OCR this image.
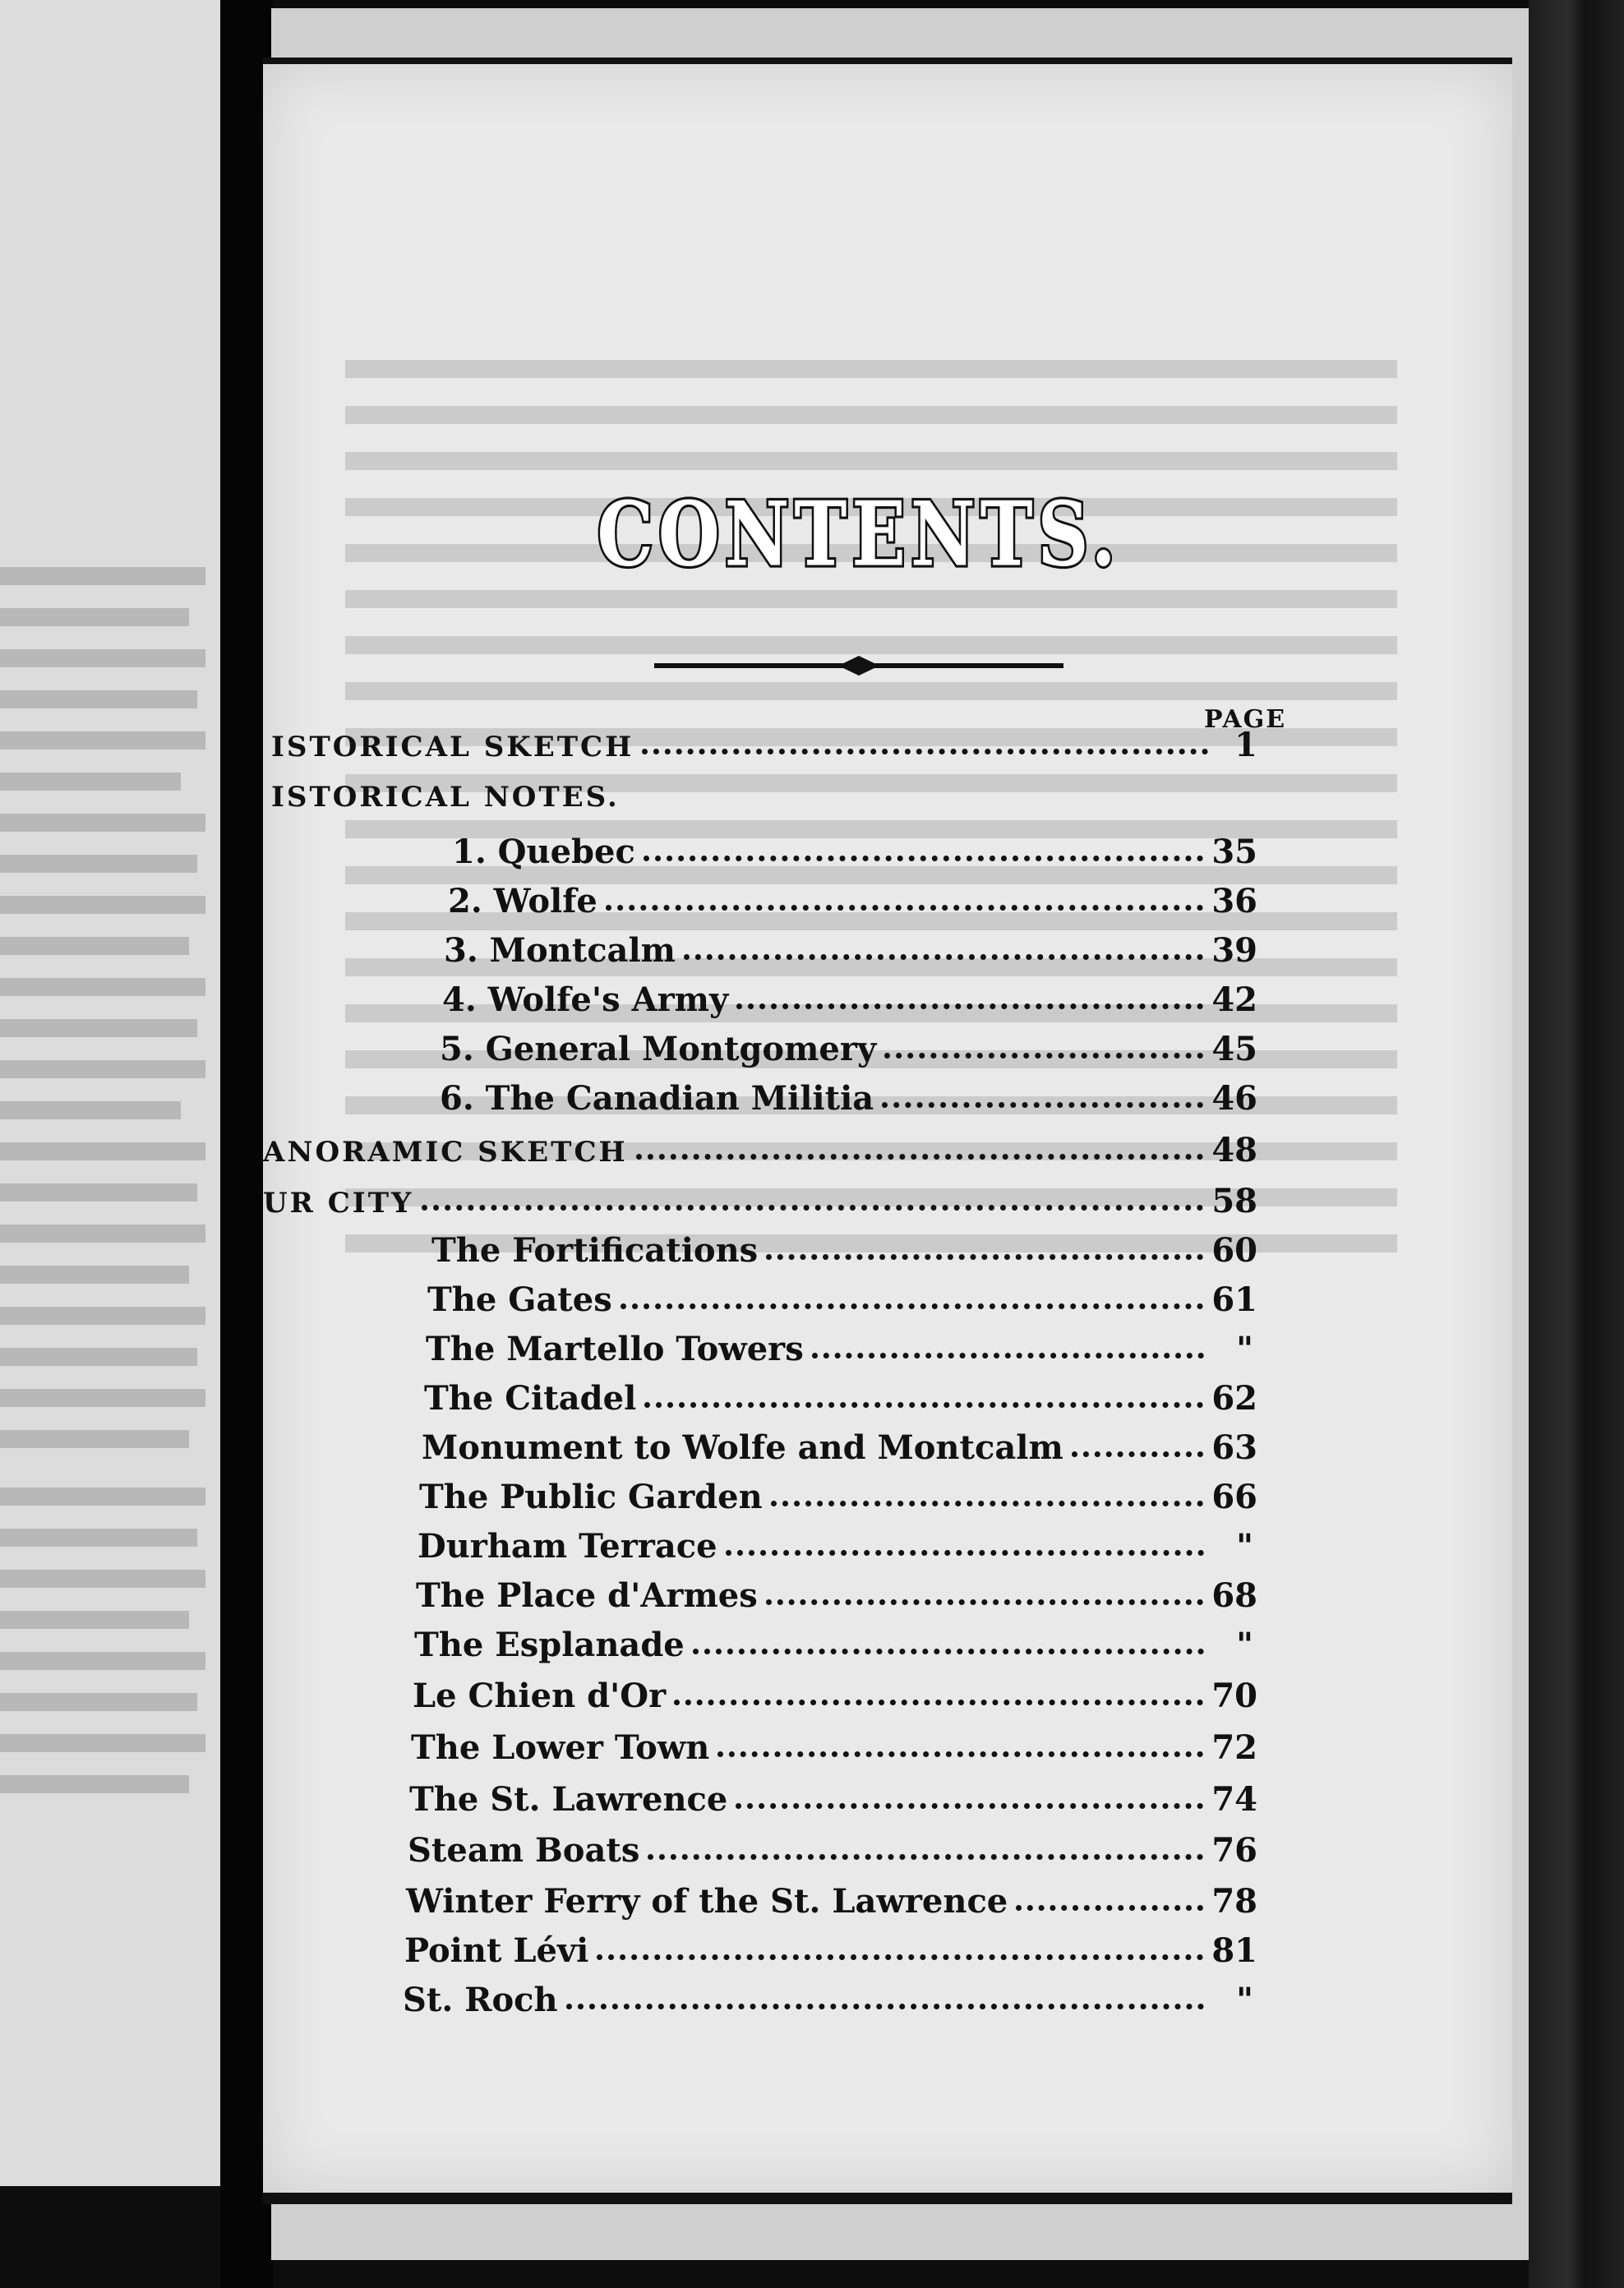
CONTENTS.
PAGE
ISTORICAL SKETCH	1
ISTORICAL NOTES.
1. Quebec	35
2. Wolfe	36
3. Montcalm	39
4. Wolfe's Army	42
5. General Montgomery	45
6. The Canadian Militia	46
ANORAMIC SKETCH	48
UR CITY	58
The Fortifications	60
The Gates	61
The Martello Towers	"
The Citadel	62
Monument to Wolfe and Montcalm	63
The Public Garden	66
Durham Terrace	"
The Place d'Armes	68
The Esplanade	"
Le Chien d'Or	70
The Lower Town	72
The St. Lawrence	74
Steam Boats	76
Winter Ferry of the St. Lawrence	78
Point Lévi	81
St. Roch	"
